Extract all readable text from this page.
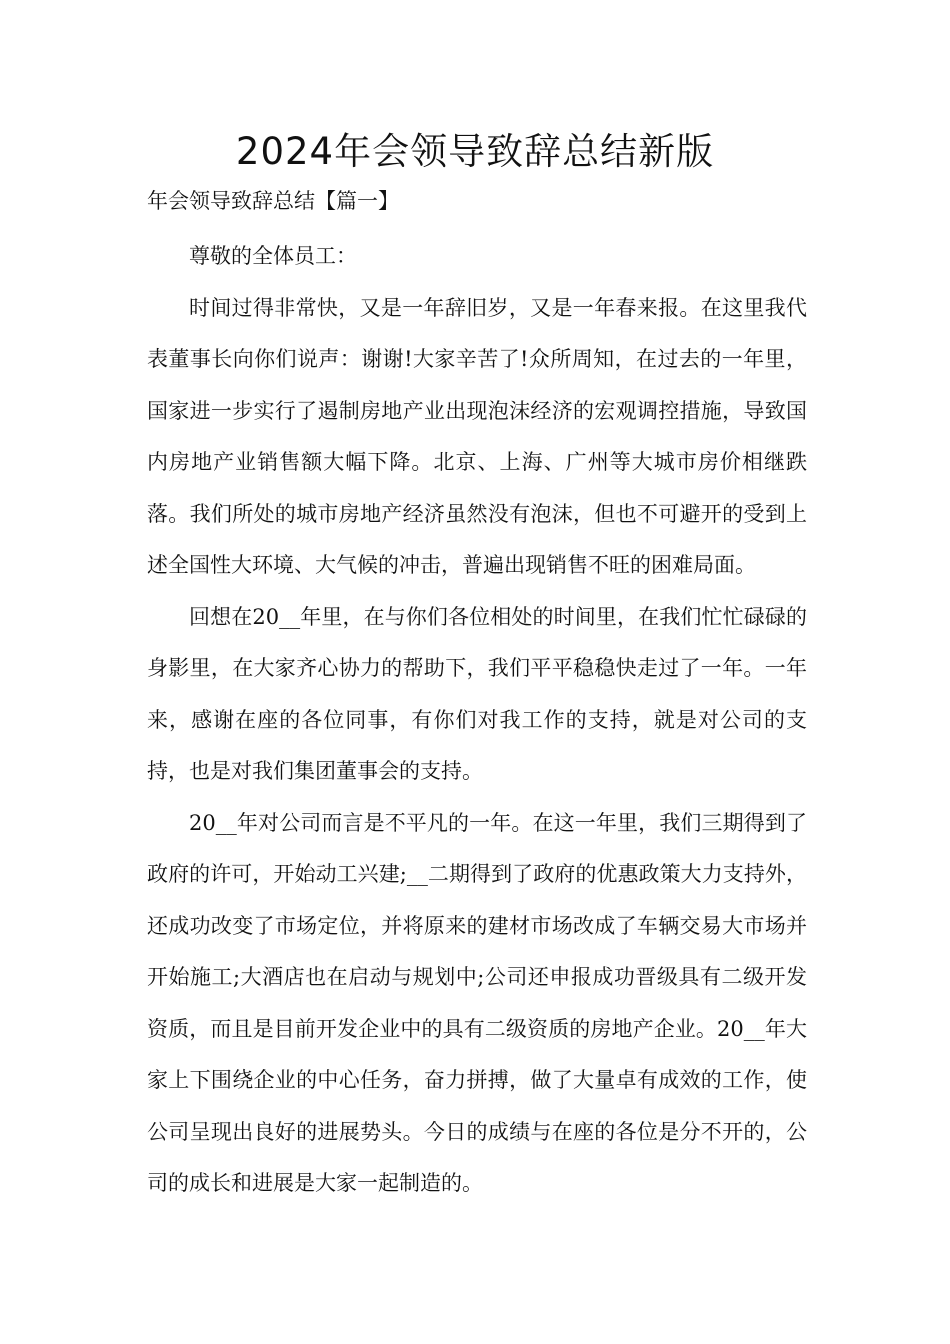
2024年会领导致辞总结新版
年会领导致辞总结【篇一】

尊敬的全体员工：

时间过得非常快，又是一年辞旧岁，又是一年春来报。在这里我代表董事长向你们说声：谢谢!大家辛苦了!众所周知，在过去的一年里，国家进一步实行了遏制房地产业出现泡沫经济的宏观调控措施，导致国内房地产业销售额大幅下降。北京、上海、广州等大城市房价相继跌落。我们所处的城市房地产经济虽然没有泡沫，但也不可避开的受到上述全国性大环境、大气候的冲击，普遍出现销售不旺的困难局面。

回想在20__年里，在与你们各位相处的时间里，在我们忙忙碌碌的身影里，在大家齐心协力的帮助下，我们平平稳稳快走过了一年。一年来，感谢在座的各位同事，有你们对我工作的支持，就是对公司的支持，也是对我们集团董事会的支持。

20__年对公司而言是不平凡的一年。在这一年里，我们三期得到了政府的许可，开始动工兴建;__二期得到了政府的优惠政策大力支持外，还成功改变了市场定位，并将原来的建材市场改成了车辆交易大市场并开始施工;大酒店也在启动与规划中;公司还申报成功晋级具有二级开发资质，而且是目前开发企业中的具有二级资质的房地产企业。20__年大家上下围绕企业的中心任务，奋力拼搏，做了大量卓有成效的工作，使公司呈现出良好的进展势头。今日的成绩与在座的各位是分不开的，公司的成长和进展是大家一起制造的。
